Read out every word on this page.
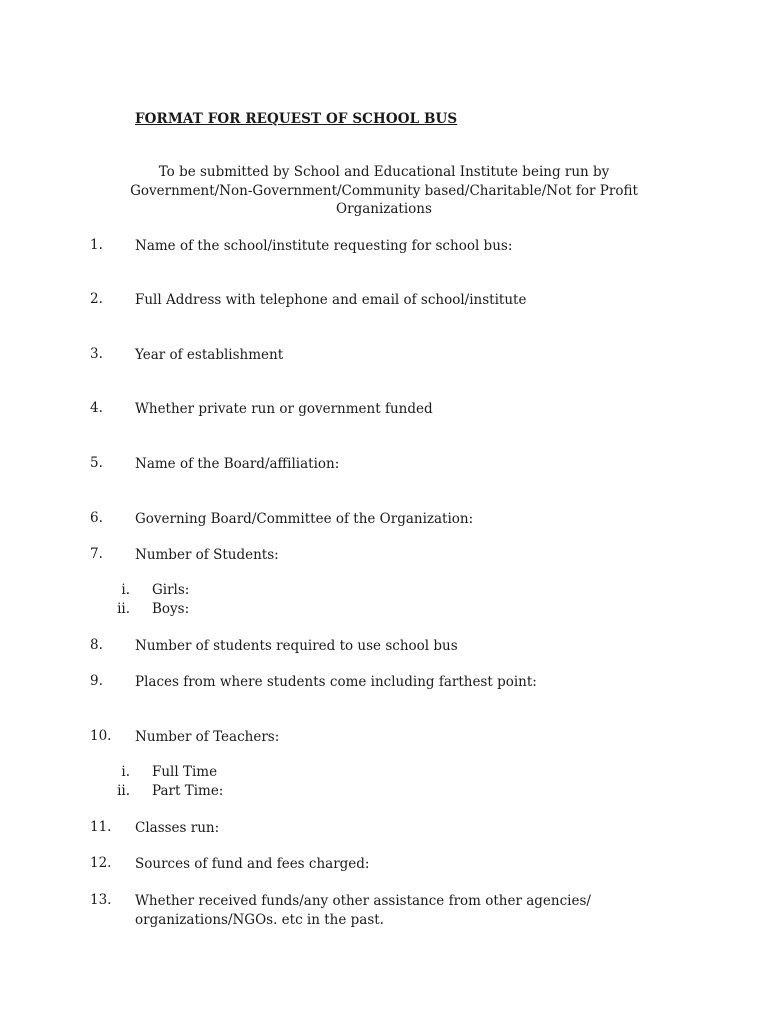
FORMAT FOR REQUEST OF SCHOOL BUS
To be submitted by School and Educational Institute being run by
Government/Non-Government/Community based/Charitable/Not for Profit
Organizations
1. Name of the school/institute requesting for school bus:
2. Full Address with telephone and email of school/institute
3. Year of establishment
4. Whether private run or government funded
5. Name of the Board/affiliation:
6. Governing Board/Committee of the Organization:
7. Number of Students:
i. Girls:
ii. Boys:
8. Number of students required to use school bus
9. Places from where students come including farthest point:
10. Number of Teachers:
i. Full Time
ii. Part Time:
11. Classes run:
12. Sources of fund and fees charged:
13. Whether received funds/any other assistance from other agencies/
organizations/NGOs. etc in the past.
